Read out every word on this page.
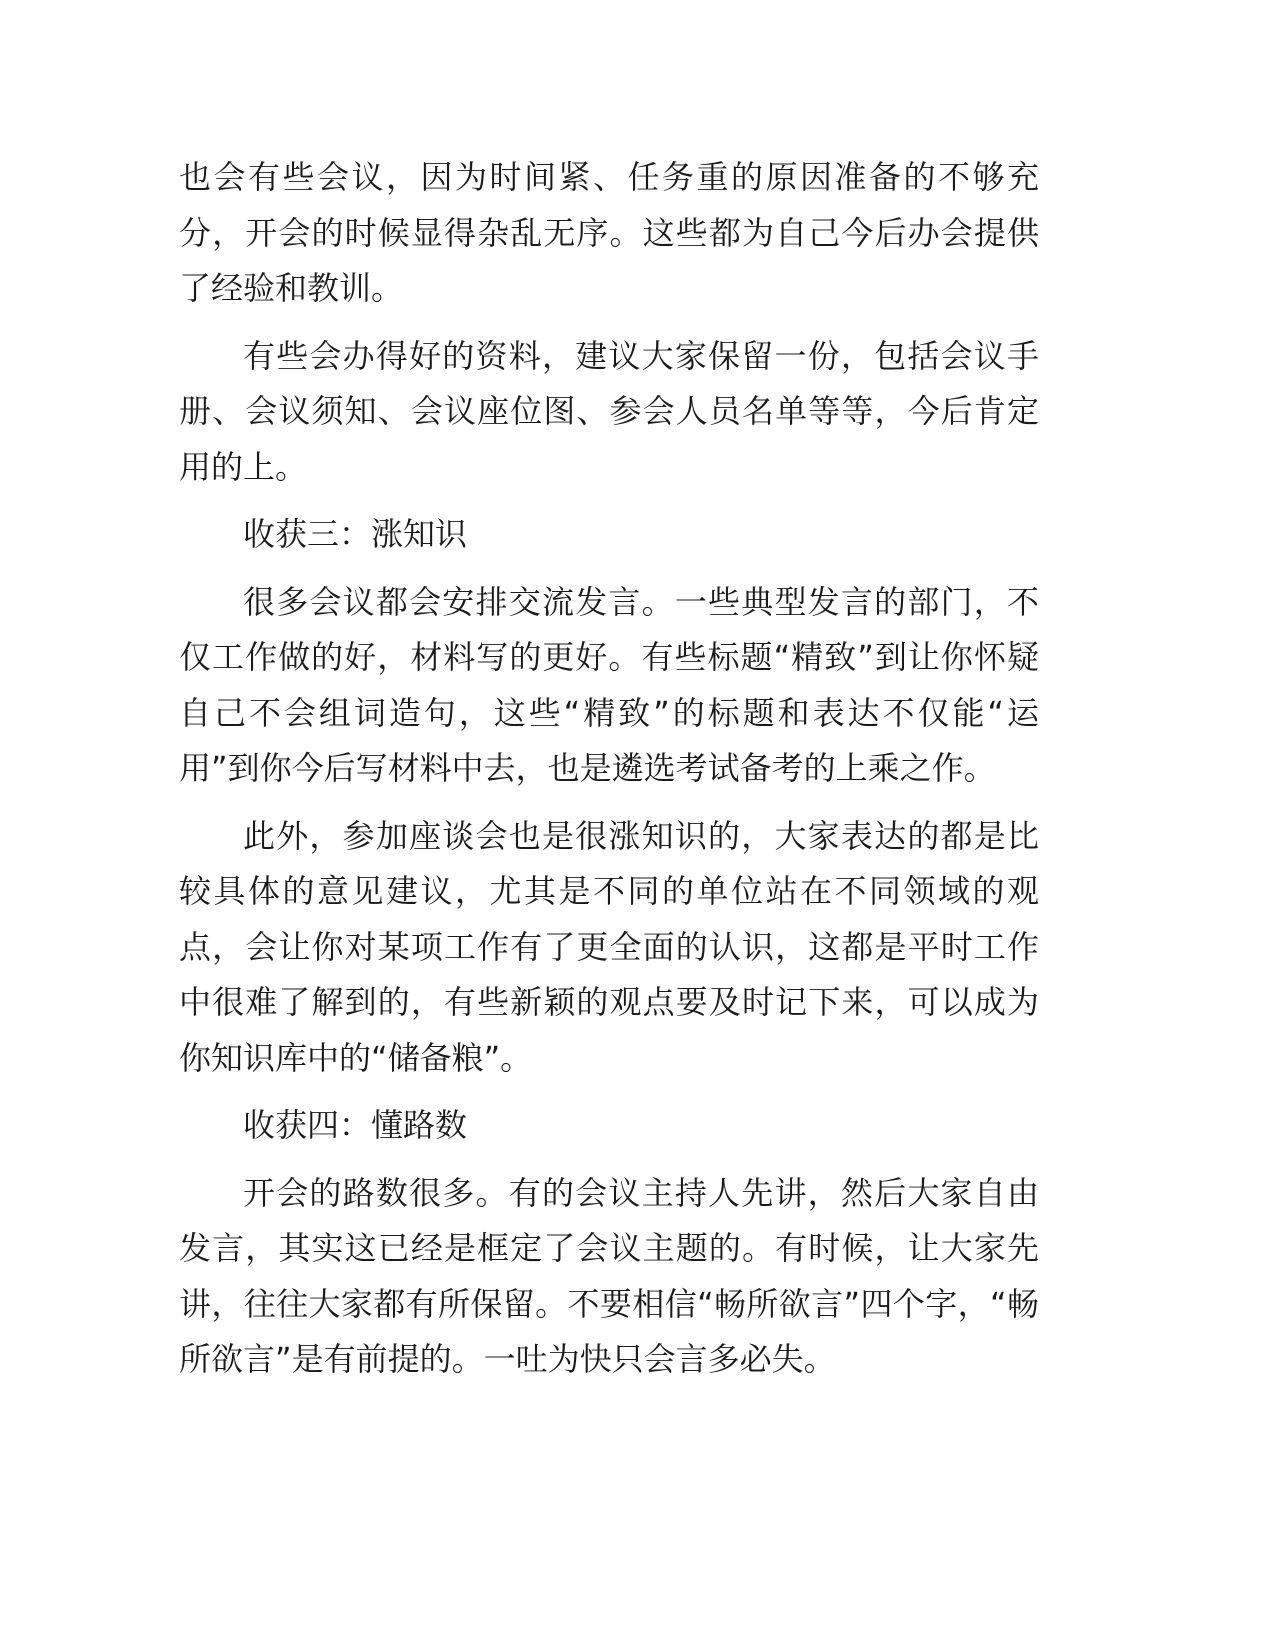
也会有些会议，因为时间紧、任务重的原因准备的不够充分，开会的时候显得杂乱无序。这些都为自己今后办会提供了经验和教训。

有些会办得好的资料，建议大家保留一份，包括会议手册、会议须知、会议座位图、参会人员名单等等，今后肯定用的上。

收获三：涨知识

很多会议都会安排交流发言。一些典型发言的部门，不仅工作做的好，材料写的更好。有些标题“精致”到让你怀疑自己不会组词造句，这些“精致”的标题和表达不仅能“运用”到你今后写材料中去，也是遴选考试备考的上乘之作。

此外，参加座谈会也是很涨知识的，大家表达的都是比较具体的意见建议，尤其是不同的单位站在不同领域的观点，会让你对某项工作有了更全面的认识，这都是平时工作中很难了解到的，有些新颖的观点要及时记下来，可以成为你知识库中的“储备粮”。

收获四：懂路数

开会的路数很多。有的会议主持人先讲，然后大家自由发言，其实这已经是框定了会议主题的。有时候，让大家先讲，往往大家都有所保留。不要相信“畅所欲言”四个字，“畅所欲言”是有前提的。一吐为快只会言多必失。
